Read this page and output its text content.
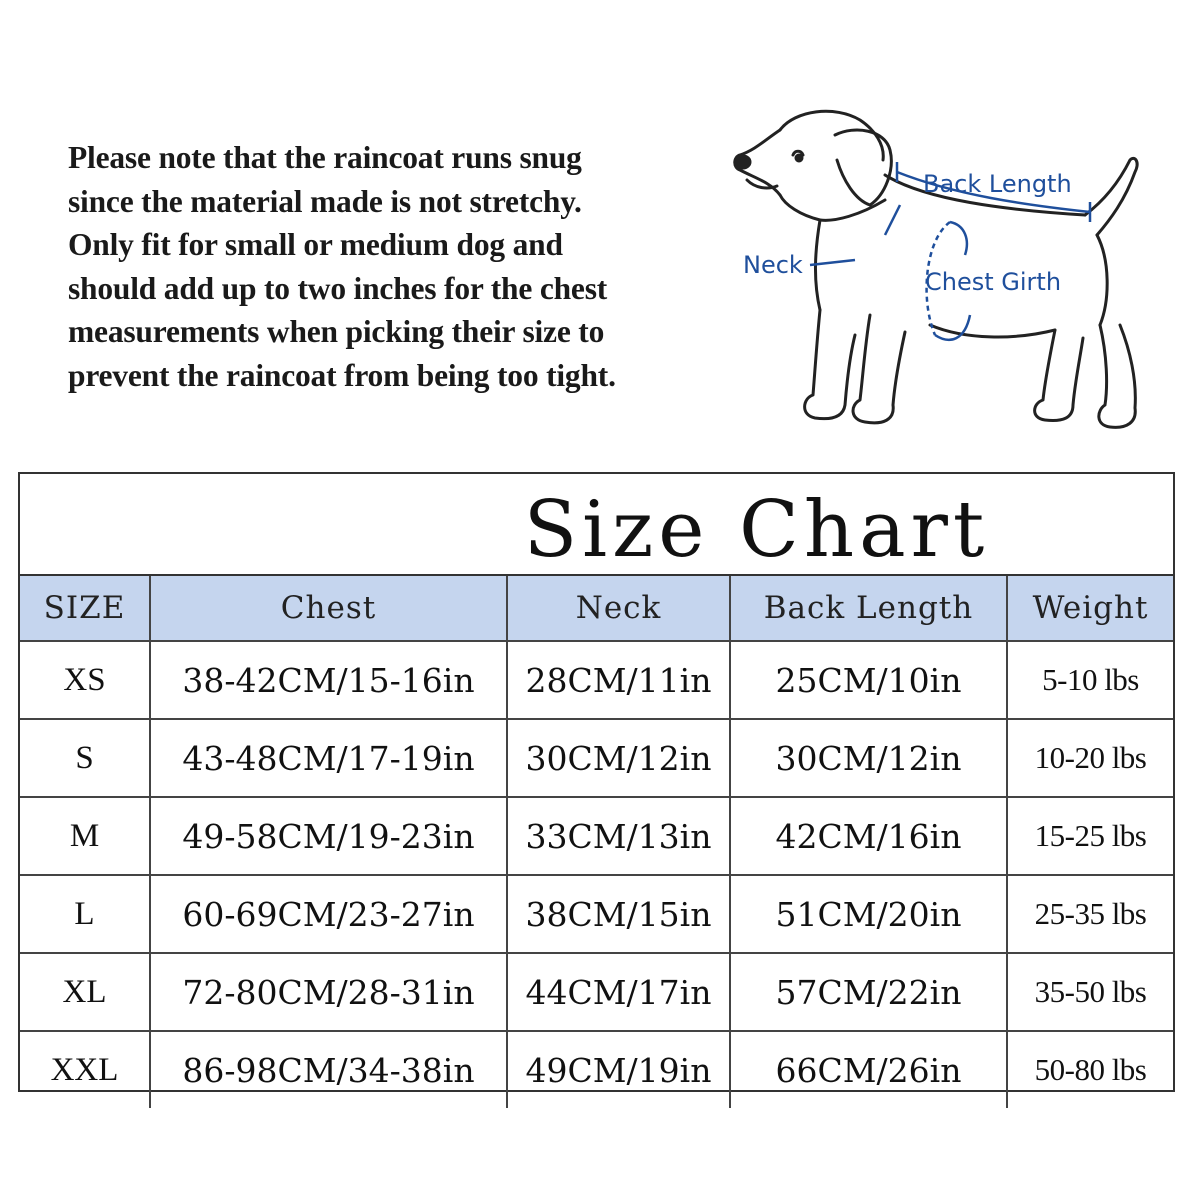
Please note that the raincoat runs snug
since the material made is not stretchy.
Only fit for small or medium dog and
should add up to two inches for the chest
measurements when picking their size to
prevent the raincoat from being too tight.
Back Length
Neck
Chest Girth
Size Chart
SIZE	Chest	Neck	Back Length	Weight
XS	38-42CM/15-16in	28CM/11in	25CM/10in	5-10 lbs
S	43-48CM/17-19in	30CM/12in	30CM/12in	10-20 lbs
M	49-58CM/19-23in	33CM/13in	42CM/16in	15-25 lbs
L	60-69CM/23-27in	38CM/15in	51CM/20in	25-35 lbs
XL	72-80CM/28-31in	44CM/17in	57CM/22in	35-50 lbs
XXL	86-98CM/34-38in	49CM/19in	66CM/26in	50-80 lbs
